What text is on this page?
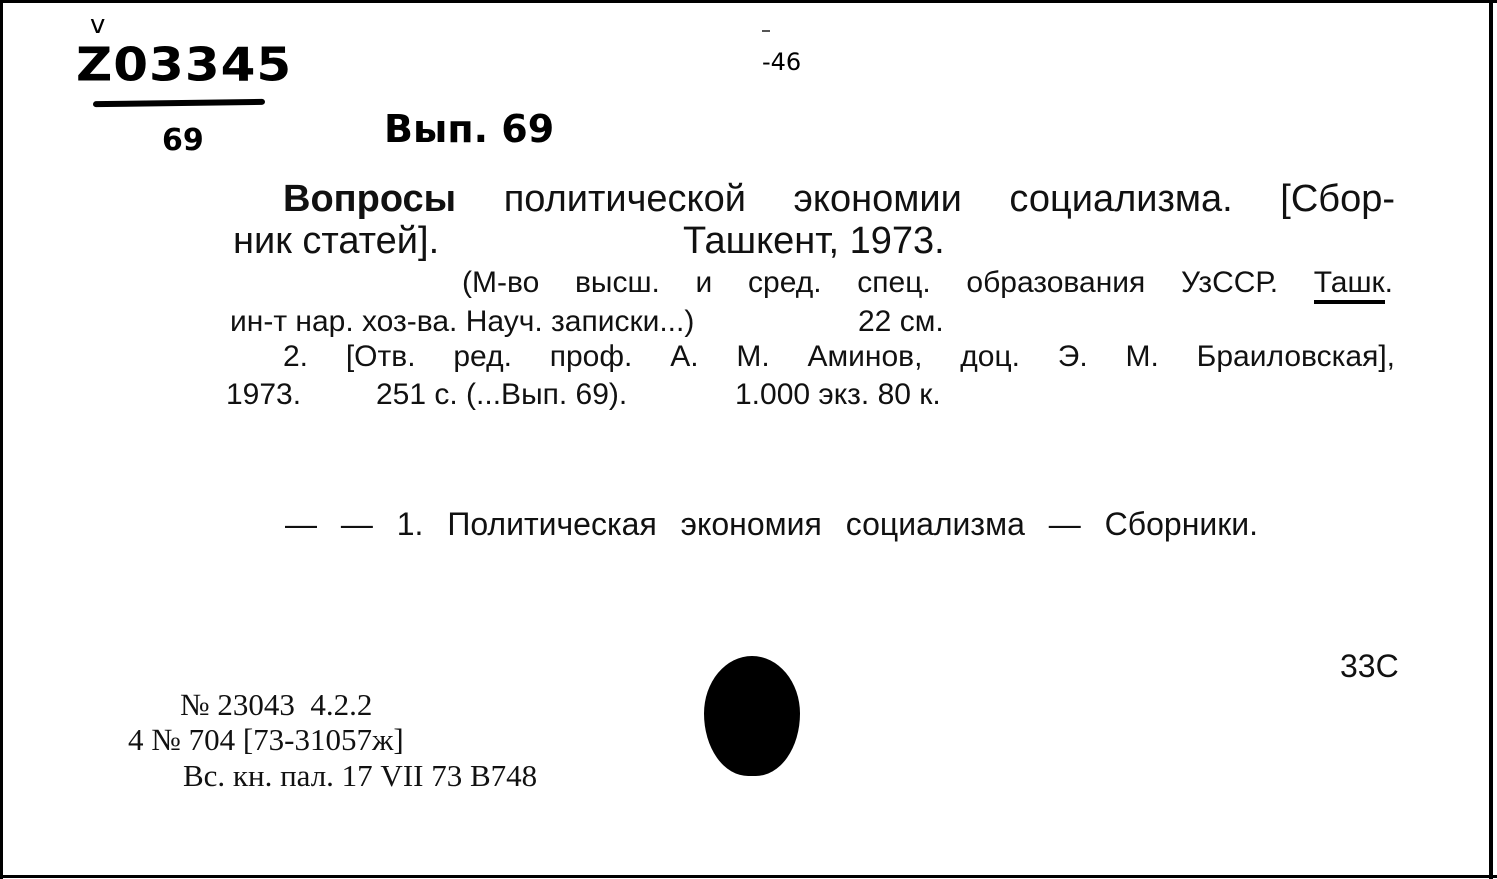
v
Z03345
69	Вып. 69
-46
Вопросы политической экономии социализма. [Сбор-
ник статей].	Ташкент, 1973.
(М-во высш. и сред. спец. образования УзССР. Ташк.
ин-т нар. хоз-ва. Науч. записки...)	22 см.
2. [Отв. ред. проф. А. М. Аминов, доц. Э. М. Браиловская],
1973. 251 с. (...Вып. 69).	1.000 экз. 80 к.
— — 1. Политическая экономия социализма — Сборники.
33С
№ 23043  4.2.2
4 № 704 [73-31057ж]
Вс. кн. пал. 17 VII 73 В748
